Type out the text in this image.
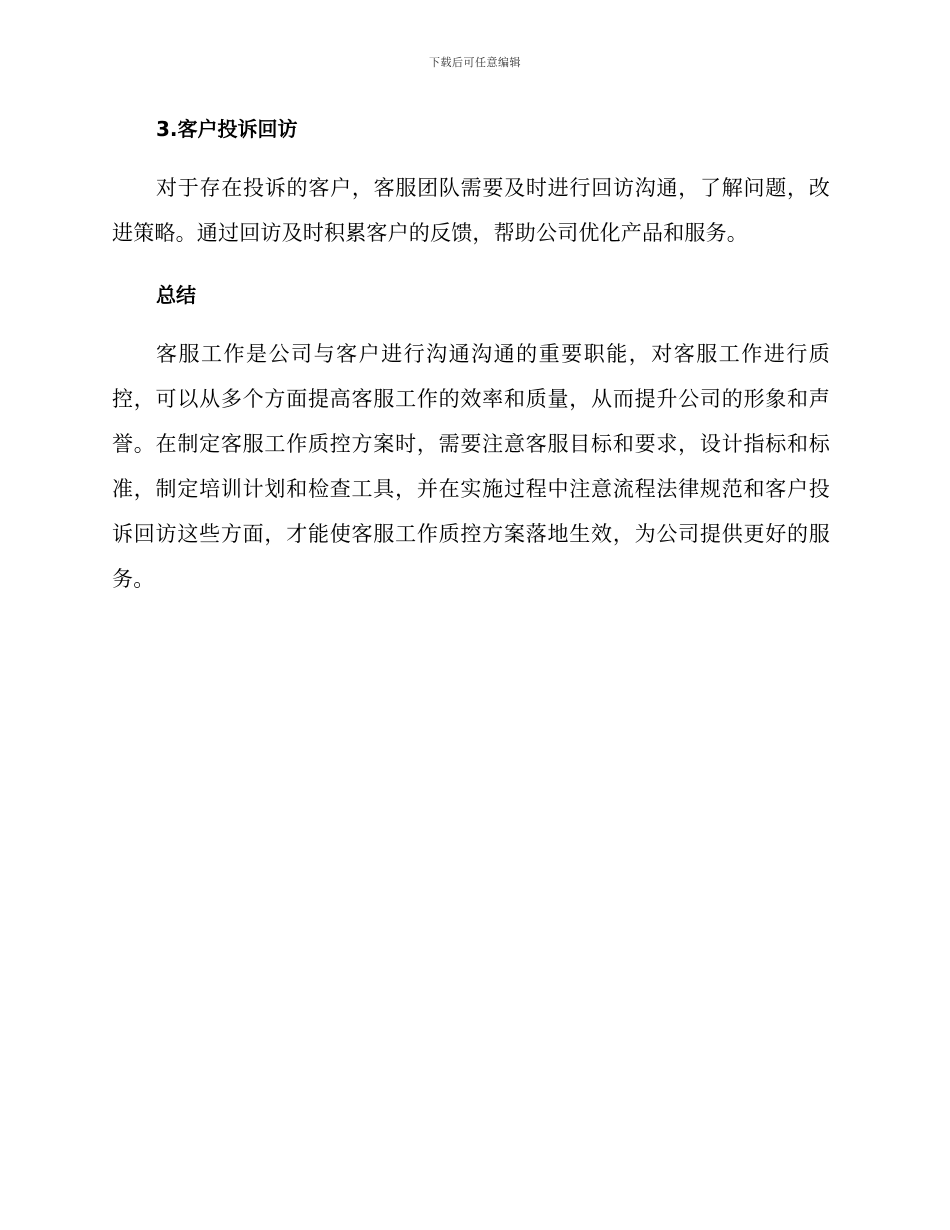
下载后可任意编辑
3.客户投诉回访

对于存在投诉的客户，客服团队需要及时进行回访沟通，了解问题，改进策略。通过回访及时积累客户的反馈，帮助公司优化产品和服务。

总结

客服工作是公司与客户进行沟通沟通的重要职能，对客服工作进行质控，可以从多个方面提高客服工作的效率和质量，从而提升公司的形象和声誉。在制定客服工作质控方案时，需要注意客服目标和要求，设计指标和标准，制定培训计划和检查工具，并在实施过程中注意流程法律规范和客户投诉回访这些方面，才能使客服工作质控方案落地生效，为公司提供更好的服务。
